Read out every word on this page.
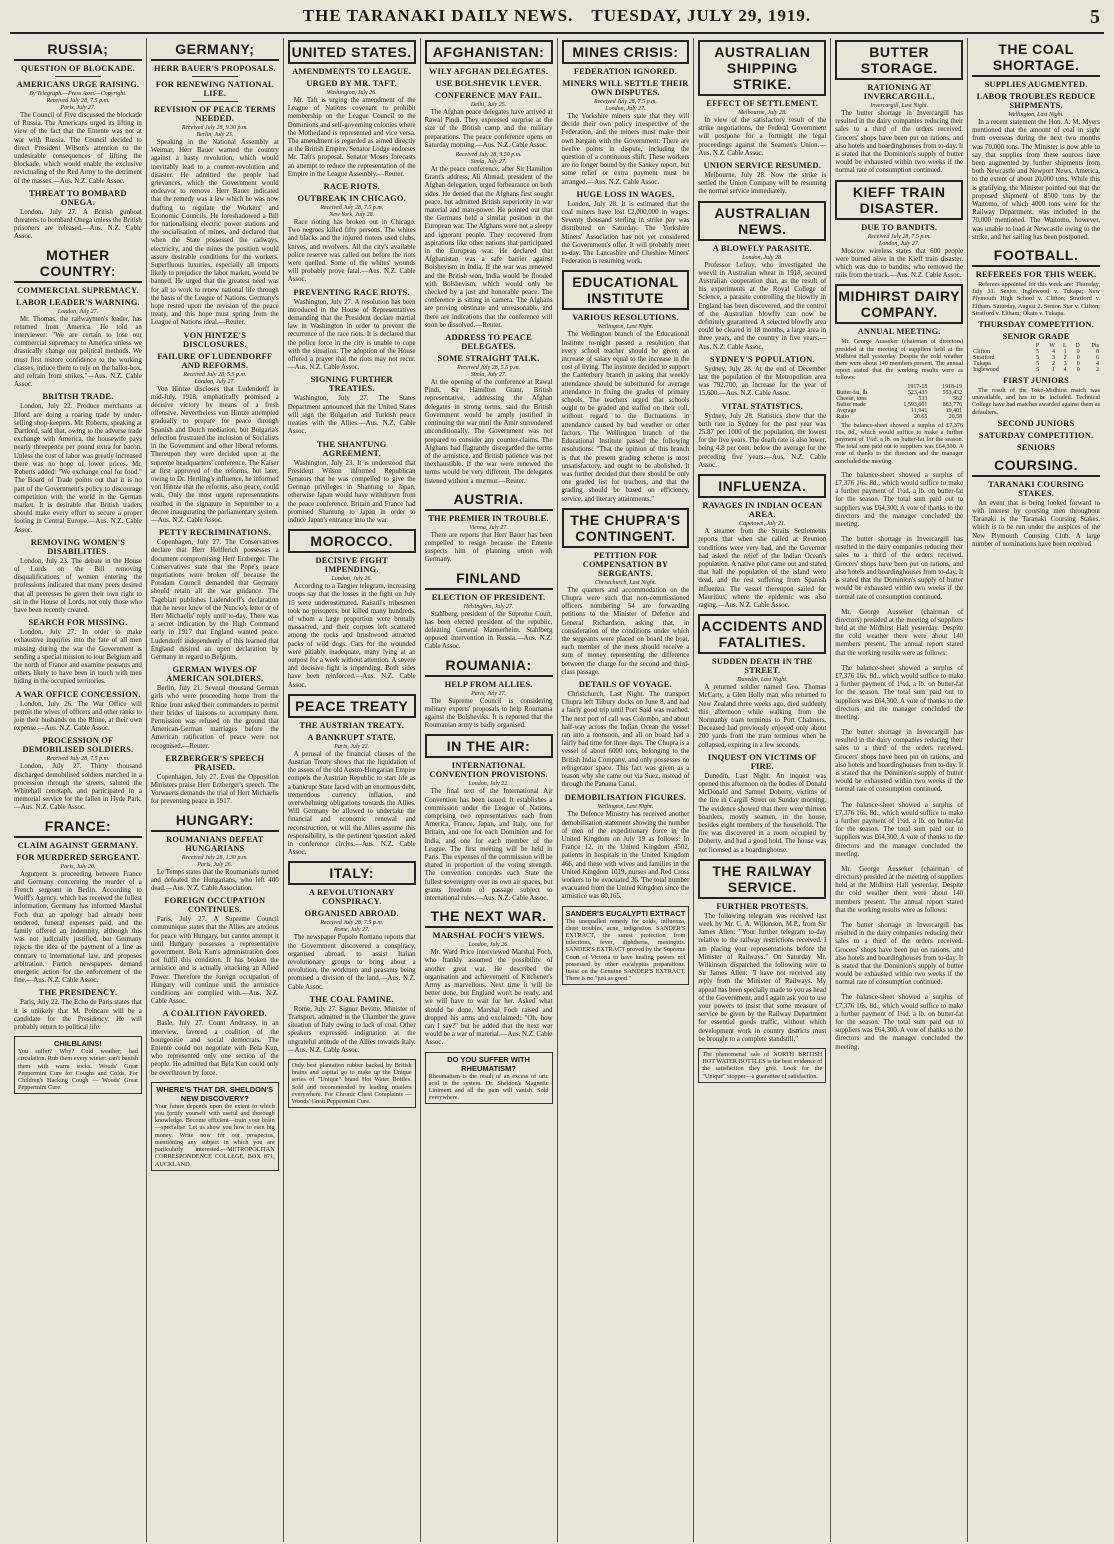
THE TARANAKI DAILY NEWS. TUESDAY, JULY 29, 1919.	5
RUSSIA;
QUESTION OF BLOCKADE.
AMERICANS URGE RAISING.
By Telegraph.—Press Assn.—Copyright.
Received July 28, 7.5 p.m.
Paris, July 27.

The Council of Five discussed the blockade of Russia. The Americans urged its lifting in view of the fact that the Entente was not at war with Russia. The Council decided to direct President Wilson's attention to the undesirable consequences of lifting the blockade, which would enable the exclusive revictualing of the Red Army to the detriment of the masses.—Aus. N.Z. Cable Assoc.

THREAT TO BOMBARD ONEGA.

London, July 27. A British gunboat threatens to bombard Onega unless the British prisoners are released.—Aus. N.Z. Cable Assoc.

MOTHER COUNTRY:
COMMERCIAL SUPREMACY.
LABOR LEADER'S WARNING.
London, July 27.

Mr. Thomas, the railwaymen's leader, has returned from America. He told an interviewer: "We are certain to lose our commercial supremacy to America unless we drastically change our political methods. We must first restore confidence to the working classes, induce them to rely on the ballot-box, and refrain from strikes."—Aus. N.Z. Cable Assoc.

BRITISH TRADE.

London, July 22. Produce merchants at Ilford are doing a roaring trade by under-selling shop-keepers. Mr. Roberts, speaking at Dartford, said that, owing to the adverse trade exchange with America, the housewife pays nearly threepence per pound extra for bacon. Unless the cost of labor was greatly increased there was no hope of lower prices. Mr. Roberts added: "We exchange coal for food." The Board of Trade points out that it is no part of the Government's policy to discourage competition with the world in the German market. It is desirable that British traders should make every effort to secure a proper footing in Central Europe.—Aus. N.Z. Cable Assoc.

REMOVING WOMEN'S DISABILITIES.

London, July 23. The debate in the House of Lords on the Bill removing disqualifications of women entering the professions indicated that many peers desired that all peeresses be given their own right to sit in the House of Lords, not only those who have been recently created.

SEARCH FOR MISSING.

London, July 27. In order to make exhaustive inquiries into the fate of all men missing during the war the Government is sending a special mission to tour Belgium and the north of France and examine peasants and others likely to have been in touch with men hiding in the occupied territories.

A WAR OFFICE CONCESSION.

London, July 26. The War Office will permit the wives of officers and other ranks to join their husbands on the Rhine, at their own expense.—Aus. N.Z. Cable Assoc.

PROCESSION OF DEMOBILISED SOLDIERS.
Received July 28, 7.5 p.m.

London, July 27. Thirty thousand discharged demobilised soldiers marched in a procession through the streets, saluted the Whitehall cenotaph, and participated in a memorial service for the fallen in Hyde Park.—Aus. N.Z. Cable Assoc.

FRANCE:
CLAIM AGAINST GERMANY.
FOR MURDERED SERGEANT.
Paris, July 20.

Argument is proceeding between France and Germany concerning the murder of a French sergeant in Berlin. According to Wolff's Agency, which has received the fullest information, Germany has informed Marshal Foch that an apology had already been tendered, funeral expenses paid, and the family offered an indemnity, although this was not judicially justified, but Germany rejects the idea of the payment of a fine as contrary to international law, and proposes arbitration. French newspapers demand energetic action for the enforcement of the fine.—Aus. N.Z. Cable Assoc.

THE PRESIDENCY.

Paris, July 22. The Echo de Paris states that it is unlikely that M. Poincare will be a candidate for the Presidency. He will probably return to political life.

CHILBLAINS!
You suffer? Why? Cold weather; bad circulation. Rub them every winter: can't banish them with warm socks. Woods' Great Peppermint Cure for Coughs and Colds. For Children's Hacking Cough — Woods' Great Peppermint Cure.
GERMANY;
HERR BAUER'S PROPOSALS.
FOR RENEWING NATIONAL LIFE.
REVISION OF PEACE TERMS NEEDED.
Received July 28, 9.30 p.m.
Berlin, July 23.

Speaking in the National Assembly at Weimar, Herr Bauer warned the country against a hasty revolution, which would inevitably lead to a counter-revolution and disaster. He admitted the people had grievances, which the Government would endeavor to remove. Herr Bauer indicated that the remedy was a law which he was now drafting to regulate the Workers' and Economic Councils. He foreshadowed a Bill for nationalising electric power stations and the socialisation of mines, and declared that when the State possessed the railways, electricity, and the mines the position would assure desirable conditions for the workers. Superfluous luxuries, especially all imports likely to prejudice the labor market, would be banned. He urged that the greatest need was for all to work to renew national life through the basis of the League of Nations. Germany's hope rested upon the revision of the peace treaty, and this hope must spring from the League of Nations ideal.—Reuter.

VON HINTZE'S DISCLOSURES.
FAILURE OF LUDENDORFF AND REFORMS.
Received July 28, 5.5 p.m.
London, July 27.

Von Hintze discloses that Ludendorff in mid-July, 1918, emphatically promised a decisive victory by means of a fresh offensive. Nevertheless von Hintze attempted gradually to prepare for peace through Spanish and Dutch mediation, but Bulgaria's defection frustrated the inclusion of Socialists in the Government and other liberal reforms. Thereupon they were decided upon at the supreme headquarters' conference. The Kaiser at first approved of the reforms, but later, owing to Dr. Hertling's influence, he informed von Hintze that the reforms, also peace, could wait. Only the most urgent representations resulted in the signature in September to a decree inaugurating the parliamentary system.—Aus. N.Z. Cable Assoc.

PETTY RECRIMINATIONS.

Copenhagen, July 27. The Conservatives declare that Herr Helfferich possesses a document compromising Herr Erzberger. The Conservatives state that the Pope's peace negotiations were broken off because the Potsdam Council demanded that Germany should retain all the war guidance. The Tageblatt publishes Ludendorff's declaration that he never knew of the Nuncio's letter or of Herr Michaelis' reply until to-day. There was a secret indication by the High Command early in 1917 that England wanted peace. Ludendorff independently of this learned that England desired an open declaration by Germany in regard to Belgium.

GERMAN WIVES OF AMERICAN SOLDIERS.

Berlin, July 21. Several thousand German girls who were proceeding home from the Rhine front asked their commanders to permit their brides of liaisons to accompany them. Permission was refused on the ground that American-German marriages before the American ratification of peace were not recognised.—Reuter.

ERZBERGER'S SPEECH PRAISED.

Copenhagen, July 27. Even the Opposition Ministers praise Herr Erzberger's speech. The Vorwaerts demands the trial of Herr Michaelis for preventing peace in 1917.

HUNGARY:
ROUMANIANS DEFEAT HUNGARIANS
Received July 28, 1.30 p.m.
Paris, July 26.

Le Temps states that the Roumanians turned and defeated the Hungarians, who left 400 dead.—Aus. N.Z. Cable Association.

FOREIGN OCCUPATION CONTINUES.

Paris, July 27. A Supreme Council communique states that the Allies are anxious for peace with Hungary, but cannot attempt it until Hungary possesses a representative government. Bela Kun's administration does not fulfil this condition. It has broken the armistice and is actually attacking an Allied Power. Therefore the foreign occupation of Hungary will continue until the armistice conditions are complied with.—Aus. N.Z. Cable Assoc.

A COALITION FAVORED.

Basle, July 27. Count Andrassy, in an interview, favored a coalition of the bourgeoisie and social democrats. The Entente could not negotiate with Bela Kun, who represented only one section of the people. He admitted that Bela Kun could only be overthrown by force.

WHERE'S THAT DR. SHELDON'S NEW DISCOVERY?
Your future depends upon the extent to which you fortify yourself with useful and thorough knowledge. Become efficient—train your brain—specialise. Let us show you how to earn big money. Write now for our prospectus, mentioning any subject in which you are particularly interested.—METROPOLITAN CORRESPONDENCE COLLEGE, BOX 871, AUCKLAND.
UNITED STATES.
AMENDMENTS TO LEAGUE.
URGED BY MR. TAFT.
Washington, July 26.

Mr. Taft is urging the amendment of the League of Nations covenant to prohibit membership on the League Council to the Dominions and self-governing colonies where the Motherland is represented and vice versa. The amendment is regarded as aimed directly at the British Empire. Senator Lodge endorses Mr. Taft's proposal. Senator Moses forecasts an attempt to reduce the representation of the Empire in the League Assembly.—Reuter.

RACE RIOTS.
OUTBREAK IN CHICAGO.
Received July 28, 7.5 p.m.
New York, July 28.

Race rioting has broken out in Chicago. Two negroes killed fifty persons. The whites and blacks and the injured rioters used clubs, knives, and revolvers. All the city's available police reserve was called out before the riots were quelled. Some of the whites' wounds will probably prove fatal.—Aus. N.Z. Cable Assoc.

PREVENTING RACE RIOTS.

Washington, July 27. A resolution has been introduced in the House of Representatives demanding that the President declare martial law in Washington in order to prevent the recurrence of the race riots. It is declared that the police force in the city is unable to cope with the situation. The adoption of the House offered a prayer that the riots may not recur.—Aus. N.Z. Cable Assoc.

SIGNING FURTHER TREATIES.

Washington, July 27. The States Department announced that the United States will sign the Bulgarian and Turkish peace treaties with the Allies.—Aus. N.Z. Cable Assoc.

THE SHANTUNG AGREEMENT.

Washington, July 23. It is understood that President Wilson informed Republican Senators that he was compelled to give the German privileges in Shantung to Japan, otherwise Japan would have withdrawn from the peace conference. Britain and France had promised Shantung to Japan in order to induce Japan's entrance into the war.

MOROCCO.
DECISIVE FIGHT IMPENDING.
London, July 26.

According to a Tangier telegram, increasing troops say that the losses in the fight on July 15 were underestimated. Raisuli's tribesmen took no prisoners, but killed many hundreds, of whom a large proportion were brutally massacred, and their corpses left scattered among the rocks and brushwood attracted packs of wild dogs. Cars for the wounded were pitiably inadequate, many lying at an outpost for a week without attention. A severe and decisive fight is impending. Both sides have been reinforced.—Aus. N.Z. Cable Assoc.

PEACE TREATY
THE AUSTRIAN TREATY.
A BANKRUPT STATE.
Paris, July 22.

A perusal of the financial clauses of the Austrian Treaty shows that the liquidation of the assets of the old Austro-Hungarian Empire compels the Austrian Republic to start life as a bankrupt State faced with an enormous debt, tremendous currency inflation, and overwhelming obligations towards the Allies. Will Germany be allowed to undertake the financial and economic renewal and reconstruction, or will the Allies assume this responsibility, is the pertinent question asked in conference circles.—Aus. N.Z. Cable Assoc.

ITALY:
A REVOLUTIONARY CONSPIRACY.
ORGANISED ABROAD.
Received July 28, 7.5 p.m.
Rome, July 27.

The newspaper Popolo Romano reports that the Government discovered a conspiracy, organised abroad, to assist Italian revolutionary groups to bring about a revolution, the workmen and peasants being promised a division of the land.—Aus. N.Z. Cable Assoc.

THE COAL FAMINE.

Rome, July 27. Signor Bevitte, Minister of Transport, admitted in the Chamber the grave situation of Italy owing to lack of coal. Other speakers expressed indignation at the ungrateful attitude of the Allies towards Italy.—Aus. N.Z. Cable Assoc.

Only best plantation rubber backed by British brains and capital go to make up the Unique series of "Unique" brand Hot Water Bottles. Sold and recommended by leading retailers everywhere. For Chronic Chest Complaints — Woods' Great Peppermint Cure.
AFGHANISTAN:
WILY AFGHAN DELEGATES.
USE BOLSHEVIK LEVER.
CONFERENCE MAY FAIL.
Delhi, July 25.

The Afghan peace delegates have arrived at Rawal Pindi. They expressed surprise at the size of the British camp and the military preparations. The peace conference opens on Saturday morning.—Aus. N.Z. Cable Assoc.

Received July 28, 9.50 p.m.
Simla, July 27.

At the peace conference, after Sir Hamilton Grant's address, Ali Ahmad, president of the Afghan delegation, urged forbearance on both sides. He denied that the Afghans first sought peace, but admitted British superiority in war material and man-power. He pointed out that the Germans held a similar position in the European war. The Afghans were not a sleepy and ignorant people. They recovered from aspirations like other nations that participated in the European war. He declared that Afghanistan was a safe barrier against Bolshevism in India. If the war was renewed and the British won, India would be flooded with Bolshevism, which would only be checked by a just and honorable peace. The conference is sitting in camera. The Afghans are proving obstinate and unreasonable, and there are indications that the conference will soon be dissolved.—Reuter.

ADDRESS TO PEACE DELEGATES.
SOME STRAIGHT TALK.
Received July 28, 5.5 p.m.
Simla, July 27.

At the opening of the conference at Rawal Pindi, Sir Hamilton Grant, British representative, addressing the Afghan delegates in strong terms, said the British Government would be amply justified in continuing the war until the Amir surrendered unconditionally. The Government was not prepared to consider any counter-claims. The Afghans had flagrantly disregarded the terms of the armistice, and British patience was not inexhaustible. If the war were renewed the terms would be very different. The delegates listened without a murmur.—Reuter.

AUSTRIA.
THE PREMIER IN TROUBLE.
Vienna, July 27.

There are reports that Herr Bauer has been compelled to resign because the Entente suspects him of planning union with Germany.

FINLAND
ELECTION OF PRESIDENT.
Helsingfors, July 27.

Stahlberg, president of the Supreme Court, has been elected president of the republic, defeating General Mannerheim. Stahlberg opposed intervention in Russia.—Aus. N.Z. Cable Assoc.

ROUMANIA:
HELP FROM ALLIES.
Paris, July 27.

The Supreme Council is considering military experts' proposals to help Roumania against the Bolsheviks. It is reported that the Roumanian army is badly organised.

IN THE AIR:
INTERNATIONAL CONVENTION PROVISIONS.
London, July 22.

The final text of the International Air Convention has been issued. It establishes a commission under the League of Nations, comprising two representatives each from America, France, Japan, and Italy, one for Britain, and one for each Dominion and for India, and one for each member of the League. The first meeting will be held in Paris. The expenses of the commission will be shared in proportion of the voting strength. The convention concedes each State the fullest sovereignty over its own air spaces, but grants freedom of passage subject to international rules.—Aus. N.Z. Cable Assoc.

THE NEXT WAR.
MARSHAL FOCH'S VIEWS.
London, July 26.

Mr. Ward Price interviewed Marshal Foch, who frankly assumed the possibility of another great war. He described the organisation and achievement of Kitchener's Army as marvellous. Next time it will be better done, but England won't be ready, and we will have to wait for her. Asked what should be done, Marshal Foch raised and dropped his arms and exclaimed: "Oh, how can I say?" but he added that the next war would be a war of material.—Aus. N.Z. Cable Assoc.

DO YOU SUFFER WITH RHEUMATISM?
Rheumatism is the result of an excess of uric acid in the system. Dr. Sheldon's Magnetic Liniment and all the pain will vanish. Sold everywhere.
MINES CRISIS:
FEDERATION IGNORED.
MINERS WILL SETTLE THEIR OWN DISPUTES.
Received July 28, 7.5 p.m.
London, July 27.

The Yorkshire miners state that they will decide their own policy irrespective of the Federation, and the miners must make their own bargain with the Government. There are twelve points in dispute, including the question of a continuous shift. These workers are no longer bound by the Sankey report, but some relief or extra payment must be arranged.—Aus. N.Z. Cable Assoc.

HUGE LOSS IN WAGES.

London, July 28. It is estimated that the coal miners have lost £2,000,000 in wages. Seventy thousand sterling in strike pay was distributed on Saturday. The Yorkshire Miners' Association has not yet considered the Government's offer. It will probably meet to-day. The Lancashire and Cheshire Miners' Federation is resuming work.

EDUCATIONAL INSTITUTE
VARIOUS RESOLUTIONS.
Wellington, Last Night.

The Wellington branch of the Educational Institute to-night passed a resolution that every school teacher should be given an increase of salary equal to the increase in the cost of living. The institute decided to support the Canterbury branch in asking that weekly attendance should be substituted for average attendance in fixing the grades of primary schools. The teachers urged that schools ought to be graded and staffed on their roll, without regard to the fluctuations in attendance caused by bad weather or other factors. The Wellington branch of the Educational Institute passed the following resolutions: "That the opinion of this branch is that the present grading scheme is most unsatisfactory, and ought to be abolished. It was further decided that there should be only one graded list for teachers, and that the grading should be based on efficiency, service, and literary attainments."

THE CHUPRA'S CONTINGENT.
PETITION FOR COMPENSATION BY SERGEANTS.
Christchurch, Last Night.

The quarters and accommodation on the Chupra were such that non-commissioned officers numbering 54 are forwarding petitions to the Minister of Defence and General Richardson, asking that, in consideration of the conditions under which the sergeants were placed on board the boat, each member of the mess should receive a sum of money representing the difference between the charge for the second and third-class passage.

DETAILS OF VOYAGE.

Christchurch, Last Night. The transport Chupra left Tilbury docks on June 8, and had a fairly good trip until Port Said was reached. The next port of call was Colombo, and about half-way across the Indian Ocean the vessel ran into a monsoon, and all on board had a fairly bad time for three days. The Chupra is a vessel of about 6000 tons, belonging to the British India Company, and only possesses no refrigerator space. This fact was given as a reason why she came out via Suez, instead of through the Panama Canal.

DEMOBILISATION FIGURES.
Wellington, Last Night.

The Defence Ministry has received another demobilisation statement showing the number of men of the expeditionary force in the United Kingdom on July 19 as follows: In France 12, in the United Kingdom 4502, patients in hospitals in the United Kingdom 466, and these with wives and families in the United Kingdom 1019, nurses and Red Cross workers to be evacuated 36. The total number evacuated from the United Kingdom since the armistice was 60,165.

SANDER'S EUCALYPTI EXTRACT
The unequalled remedy for colds, influenza, chest troubles, acne, indigestion. SANDER'S EXTRACT, the surest protection from infections, fever, diphtheria, meningitis. SANDER'S EXTRACT proved by the Supreme Court of Victoria to have healing powers not possessed by other eucalyptus preparations. Insist on the Genuine SANDER'S EXTRACT. There is no "just as good."
AUSTRALIAN SHIPPING STRIKE.
EFFECT OF SETTLEMENT.
Melbourne, July 28.

In view of the satisfactory result of the strike negotiations, the Federal Government will postpone for a fortnight the legal proceedings against the Seamen's Union.—Aus. N.Z. Cable Assoc.

UNION SERVICE RESUMED.

Melbourne, July 28. Now the strike is settled the Union Company will be resuming the normal service immediately.

AUSTRALIAN NEWS.
A BLOWFLY PARASITE.
London, July 28.

Professor Lefroy, who investigated the weevil in Australian wheat in 1918, secured Australian cooperation that, as the result of his experiments at the Royal College of Science, a parasite controlling the blowfly in England has been discovered, and the control of the Australian blowfly can now be definitely guaranteed. A selected blowfly area could be cleared in 18 months, a large area in three years, and the country in five years.—Aus. N.Z. Cable Assoc.

SYDNEY'S POPULATION.

Sydney, July 28. At the end of December last the population of the Metropolitan area was 792,700, an increase for the year of 15,600.—Aus. N.Z. Cable Assoc.

VITAL STATISTICS.

Sydney, July 28. Statistics show that the birth rate in Sydney for the past year was 25.87 per 1000 of the population, the lowest for the five years. The death rate is also lower, being 4.8 per cent. below the average for the preceding five years.—Aus. N.Z. Cable Assoc.

INFLUENZA.
RAVAGES IN INDIAN OCEAN AREA.
Capetown, July 21.

A steamer from the Straits Settlements reports that when she called at Reunion conditions were very bad, and the Governor had asked the relief of the Indian Ocean's population. A native pilot came out and stated that half the population of the island were dead, and the rest suffering from Spanish influenza. The vessel thereupon sailed for Mauritius, where the epidemic was also raging.—Aus. N.Z. Cable Assoc.

ACCIDENTS AND FATALITIES.
SUDDEN DEATH IN THE STREET.
Dunedin, Last Night.

A returned soldier named Geo. Thomas McCarty, a Glen Holly man who returned to New Zealand three weeks ago, died suddenly this afternoon while walking from the Normanby tram terminus to Port Chalmers. Deceased had previously enjoyed only about 200 yards from the tram terminus when he collapsed, expiring in a few seconds.

INQUEST ON VICTIMS OF FIRE.

Dunedin, Last Night. An inquest was opened this afternoon on the bodies of Donald McDonald and Samuel Doherty, victims of the fire in Cargill Street on Sunday morning. The evidence showed that there were thirteen boarders, mostly seamen, in the house, besides eight members of the household. The fire was discovered in a room occupied by Doherty, and had a good hold. The house was not licensed as a boardinghouse.

THE RAILWAY SERVICE.
FURTHER PROTESTS.

The following telegram was received last week by Mr. C. A. Wilkinson, M.P., from Sir James Allen: "Your further telegram to-day relative to the railway restrictions received. I am placing your representations before the Minister of Railways." On Saturday Mr. Wilkinson dispatched the following wire to Sir James Allen: "I have not received any reply from the Minister of Railways. My appeal has been specially made to you as head of the Government, and I again ask you to use your powers to insist that some measure of service be given by the Railway Department for essential goods traffic, without which development work in country districts must be brought to a complete standstill."

The phenomenal sale of NORTH BRITISH HOT WATER BOTTLES is the best evidence of the satisfaction they give. Look for the "Unique" stopper—a guarantee of satisfaction.
BUTTER STORAGE.
RATIONING AT INVERCARGILL.
Invercargill, Last Night.

The butter shortage in Invercargill has resulted in the dairy companies reducing their sales to a third of the orders received. Grocers' shops have been put on rations, and also hotels and boardinghouses from to-day. It is stated that the Dominion's supply of butter would be exhausted within two weeks if the normal rate of consumption continued.

KIEFF TRAIN DISASTER.
DUE TO BANDITS.
Received July 28, 7.5 p.m.
London, July 27.

Moscow wireless states that 600 people were burned alive in the Kieff train disaster, which was due to bandits, who removed the rails from the track.—Aus. N.Z. Cable Assoc.

MIDHIRST DAIRY COMPANY.
ANNUAL MEETING.

Mr. George Ausseker (chairman of directors) presided at the meeting of suppliers held at the Midhirst Hall yesterday. Despite the cold weather there were about 140 members present. The annual report stated that the working results were as follows:

	1917-18	1918-19
Butter-fat, lb	523,435	553,432
Cheese, tons	533	562
Butter made	1,593,661	883,776
Average	11,941	19,401
Ratio	20.65	20.58

The balance-sheet showed a surplus of £7,376 16s. 8d., which would suffice to make a further payment of 1¼d. a lb. on butter-fat for the season. The total sum paid out to suppliers was £64,300. A vote of thanks to the directors and the manager concluded the meeting.

The balance-sheet showed a surplus of £7,376 16s. 8d., which would suffice to make a further payment of 1¼d. a lb. on butter-fat for the season. The total sum paid out to suppliers was £64,300. A vote of thanks to the directors and the manager concluded the meeting.

The butter shortage in Invercargill has resulted in the dairy companies reducing their sales to a third of the orders received. Grocers' shops have been put on rations, and also hotels and boardinghouses from to-day. It is stated that the Dominion's supply of butter would be exhausted within two weeks if the normal rate of consumption continued.

Mr. George Ausseker (chairman of directors) presided at the meeting of suppliers held at the Midhirst Hall yesterday. Despite the cold weather there were about 140 members present. The annual report stated that the working results were as follows:

The balance-sheet showed a surplus of £7,376 16s. 8d., which would suffice to make a further payment of 1¼d. a lb. on butter-fat for the season. The total sum paid out to suppliers was £64,300. A vote of thanks to the directors and the manager concluded the meeting.

The butter shortage in Invercargill has resulted in the dairy companies reducing their sales to a third of the orders received. Grocers' shops have been put on rations, and also hotels and boardinghouses from to-day. It is stated that the Dominion's supply of butter would be exhausted within two weeks if the normal rate of consumption continued.

The balance-sheet showed a surplus of £7,376 16s. 8d., which would suffice to make a further payment of 1¼d. a lb. on butter-fat for the season. The total sum paid out to suppliers was £64,300. A vote of thanks to the directors and the manager concluded the meeting.

Mr. George Ausseker (chairman of directors) presided at the meeting of suppliers held at the Midhirst Hall yesterday. Despite the cold weather there were about 140 members present. The annual report stated that the working results were as follows:

The butter shortage in Invercargill has resulted in the dairy companies reducing their sales to a third of the orders received. Grocers' shops have been put on rations, and also hotels and boardinghouses from to-day. It is stated that the Dominion's supply of butter would be exhausted within two weeks if the normal rate of consumption continued.

The balance-sheet showed a surplus of £7,376 16s. 8d., which would suffice to make a further payment of 1¼d. a lb. on butter-fat for the season. The total sum paid out to suppliers was £64,300. A vote of thanks to the directors and the manager concluded the meeting.

THE COAL SHORTAGE.
SUPPLIES AUGMENTED.
LABOR TROUBLES REDUCE SHIPMENTS.
Wellington, Last Night.

In a recent statement the Hon. A. M. Myers mentioned that the amount of coal in sight from overseas during the next two months was 70,000 tons. The Minister is now able to say that supplies from these sources have been augmented by further shipments from both Newcastle and Newport News, America, to the extent of about 20,000 tons. While this is gratifying, the Minister pointed out that the proposed shipment of 8500 tons by the Waitomo, of which 4000 tons were for the Railway Department, was included in the 70,000 mentioned. The Waitomo, however, was unable to load at Newcastle owing to the strike, and her sailing has been postponed.

FOOTBALL.
REFEREES FOR THIS WEEK.

Referees appointed for this week are: Thursday, July 31. Senior. Inglewood v. Tukapa; New Plymouth High School v. Clifton; Stratford v. Eltham. Saturday, August 2. Senior. Star v. Clifton; Stratford v. Eltham; Okato v. Tukapa.

THURSDAY COMPETITION.
SENIOR GRADE
	P	W	L	D	Pts
Clifton	5	4	1	0	8
Stratford	5	3	2	0	6
Tukapa	5	2	3	0	4
Inglewood	5	1	4	0	2
FIRST JUNIORS

The result of the Toko-Midhirst match was unavailable, and has to be included. Technical College have had matches awarded against them as defaulters.

SECOND JUNIORS
SATURDAY COMPETITION.
SENIORS
COURSING.
TARANAKI COURSING STAKES.

An event that is being looked forward to with interest by coursing men throughout Taranaki is the Taranaki Coursing Stakes, which is to be run under the auspices of the New Plymouth Coursing Club. A large number of nominations have been received.
